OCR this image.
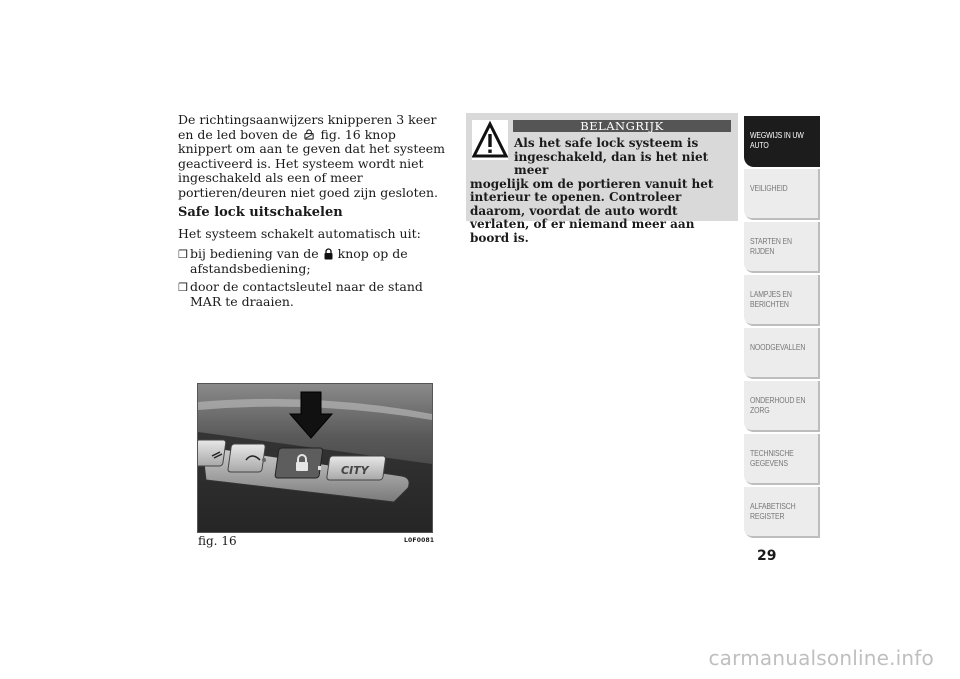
De richtingsaanwijzers knipperen 3 keer en de led boven de fig. 16 knop knippert om aan te geven dat het systeem geactiveerd is. Het systeem wordt niet ingeschakeld als een of meer portieren/deuren niet goed zijn gesloten.

Safe lock uitschakelen

Het systeem schakelt automatisch uit:

❒ bij bediening van de knop op de afstandsbediening;
❒ door de contactsleutel naar de stand MAR te draaien.
BELANGRIJK
Als het safe lock systeem is ingeschakeld, dan is het niet meer
mogelijk om de portieren vanuit het interieur te openen. Controleer daarom, voordat de auto wordt verlaten, of er niemand meer aan boord is.
CITY
fig. 16	L0F0081
WEGWIJS IN UW
AUTO
VEILIGHEID
STARTEN EN
RIJDEN
LAMPJES EN
BERICHTEN
NOODGEVALLEN
ONDERHOUD EN
ZORG
TECHNISCHE
GEGEVENS
ALFABETISCH
REGISTER
29
carmanualsonline.info
